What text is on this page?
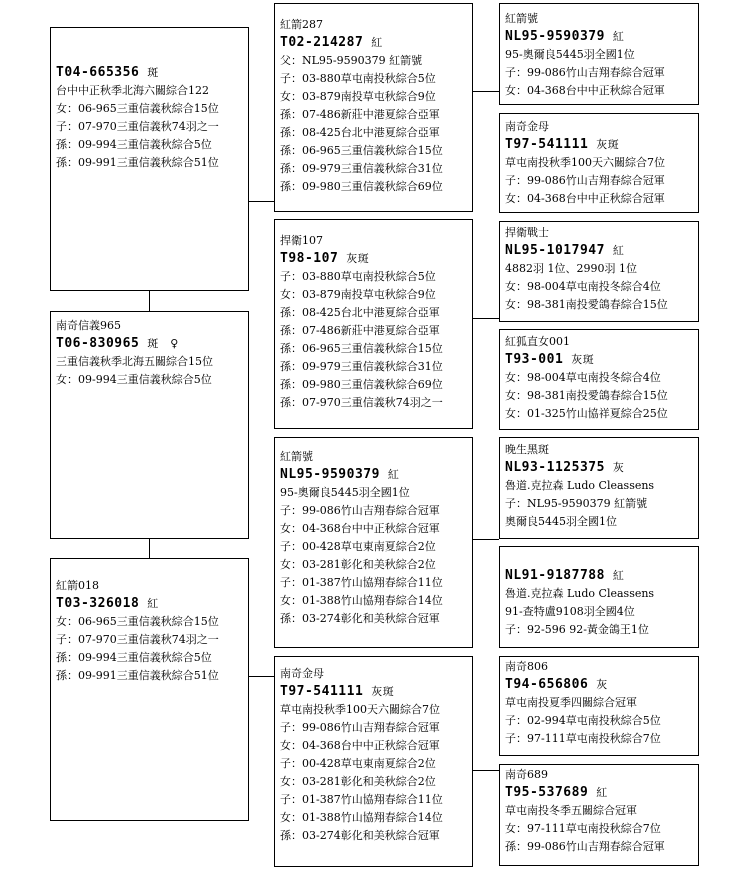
T04-665356 斑
台中中正秋季北海六關綜合122
女：06-965三重信義秋綜合15位
子：07-970三重信義秋74羽之一
孫：09-994三重信義秋綜合5位
孫：09-991三重信義秋綜合51位
南奇信義965
T06-830965 斑　♀
三重信義秋季北海五關綜合15位
女：09-994三重信義秋綜合5位
紅箭018
T03-326018 紅
女：06-965三重信義秋綜合15位
子：07-970三重信義秋74羽之一
孫：09-994三重信義秋綜合5位
孫：09-991三重信義秋綜合51位
紅箭287
T02-214287 紅
父：NL95-9590379 紅箭號
子：03-880草屯南投秋綜合5位
女：03-879南投草屯秋綜合9位
孫：07-486新莊中港夏綜合亞軍
孫：08-425台北中港夏綜合亞軍
孫：06-965三重信義秋綜合15位
孫：09-979三重信義秋綜合31位
孫：09-980三重信義秋綜合69位
捍衛107
T98-107 灰斑
子：03-880草屯南投秋綜合5位
女：03-879南投草屯秋綜合9位
孫：08-425台北中港夏綜合亞軍
孫：07-486新莊中港夏綜合亞軍
孫：06-965三重信義秋綜合15位
孫：09-979三重信義秋綜合31位
孫：09-980三重信義秋綜合69位
孫：07-970三重信義秋74羽之一
紅箭號
NL95-9590379 紅
95-奧爾良5445羽全國1位
子：99-086竹山吉翔春綜合冠軍
女：04-368台中中正秋綜合冠軍
子：00-428草屯東南夏綜合2位
女：03-281彰化和美秋綜合2位
子：01-387竹山協翔春綜合11位
女：01-388竹山協翔春綜合14位
孫：03-274彰化和美秋綜合冠軍
南奇金母
T97-541111 灰斑
草屯南投秋季100天六關綜合7位
子：99-086竹山吉翔春綜合冠軍
女：04-368台中中正秋綜合冠軍
子：00-428草屯東南夏綜合2位
女：03-281彰化和美秋綜合2位
子：01-387竹山協翔春綜合11位
女：01-388竹山協翔春綜合14位
孫：03-274彰化和美秋綜合冠軍
紅箭號
NL95-9590379 紅
95-奧爾良5445羽全國1位
子：99-086竹山吉翔春綜合冠軍
女：04-368台中中正秋綜合冠軍
南奇金母
T97-541111 灰斑
草屯南投秋季100天六關綜合7位
子：99-086竹山吉翔春綜合冠軍
女：04-368台中中正秋綜合冠軍
捍衛戰士
NL95-1017947 紅
4882羽 1位、2990羽 1位
女：98-004草屯南投冬綜合4位
女：98-381南投愛鴿春綜合15位
紅狐直女001
T93-001 灰斑
女：98-004草屯南投冬綜合4位
女：98-381南投愛鴿春綜合15位
女：01-325竹山協祥夏綜合25位
晚生黑斑
NL93-1125375 灰
魯道.克拉森 Ludo Cleassens
子：NL95-9590379 紅箭號
奧爾良5445羽全國1位
NL91-9187788 紅
魯道.克拉森 Ludo Cleassens
91-查特盧9108羽全國4位
子：92-596 92-黃金鴿王1位
南奇806
T94-656806 灰
草屯南投夏季四關綜合冠軍
子：02-994草屯南投秋綜合5位
子：97-111草屯南投秋綜合7位
南奇689
T95-537689 紅
草屯南投冬季五關綜合冠軍
女：97-111草屯南投秋綜合7位
孫：99-086竹山吉翔春綜合冠軍
